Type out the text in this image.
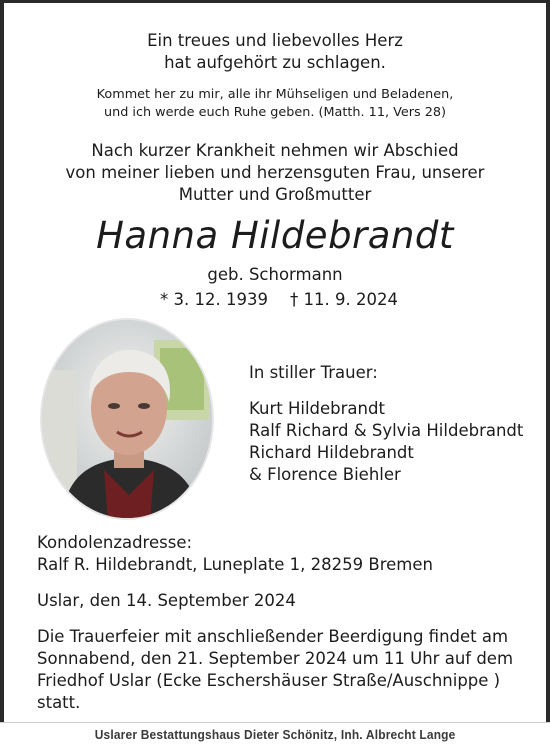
Ein treues und liebevolles Herz
hat aufgehört zu schlagen.
Kommet her zu mir, alle ihr Mühseligen und Beladenen,
und ich werde euch Ruhe geben. (Matth. 11, Vers 28)
Nach kurzer Krankheit nehmen wir Abschied
von meiner lieben und herzensguten Frau, unserer
Mutter und Großmutter
Hanna Hildebrandt
geb. Schormann
* 3. 12. 1939 † 11. 9. 2024
In stiller Trauer:
Kurt Hildebrandt
Ralf Richard & Sylvia Hildebrandt
Richard Hildebrandt
& Florence Biehler
Kondolenzadresse:
Ralf R. Hildebrandt, Luneplate 1, 28259 Bremen
Uslar, den 14. September 2024
Die Trauerfeier mit anschließender Beerdigung findet am
Sonnabend, den 21. September 2024 um 11 Uhr auf dem
Friedhof Uslar (Ecke Eschershäuser Straße/Auschnippe )
statt.
Uslarer Bestattungshaus Dieter Schönitz, Inh. Albrecht Lange
